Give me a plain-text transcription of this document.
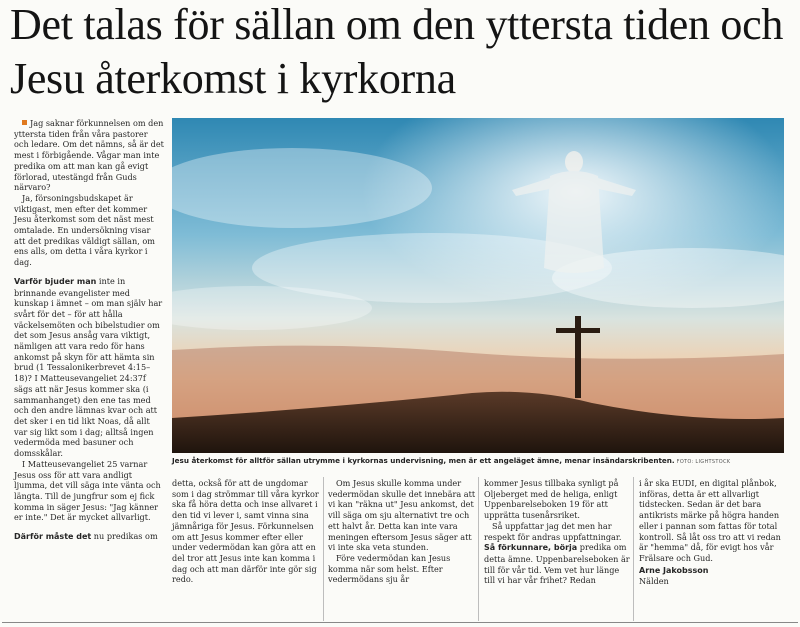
Det talas för sällan om den yttersta tiden och Jesu återkomst i kyrkorna

Jag saknar förkunnelsen om den yttersta tiden från våra pastorer och ledare. Om det nämns, så är det mest i förbigående. Vågar man inte predika om att man kan gå evigt förlorad, utestängd från Guds närvaro?

Ja, försoningsbudskapet är viktigast, men efter det kommer Jesu återkomst som det näst mest omtalade. En undersökning visar att det predikas väldigt sällan, om ens alls, om detta i våra kyrkor i dag.

Varför bjuder man inte in brinnande evangelister med kunskap i ämnet – om man själv har svårt för det – för att hålla väckelsemöten och bibelstudier om det som Jesus ansåg vara viktigt, nämligen att vara redo för hans ankomst på skyn för att hämta sin brud (1 Tessalonikerbrevet 4:15–18)? I Matteusevangeliet 24:37f sägs att när Jesus kommer ska (i sammanhanget) den ene tas med och den andre lämnas kvar och att det sker i en tid likt Noas, då allt var sig likt som i dag; alltså ingen vedermöda med basuner och domsskålar.

I Matteusevangeliet 25 varnar Jesus oss för att vara andligt ljumma, det vill säga inte vänta och längta. Till de jungfrur som ej fick komma in säger Jesus: "Jag känner er inte." Det är mycket allvarligt.

Därför måste det nu predikas om

Jesu återkomst för alltför sällan utrymme i kyrkornas undervisning, men är ett angeläget ämne, menar insändarskribenten. FOTO: LIGHTSTOCK

detta, också för att de ungdomar som i dag strömmar till våra kyrkor ska få höra detta och inse allvaret i den tid vi lever i, samt vinna sina jämnåriga för Jesus. Förkunnelsen om att Jesus kommer efter eller under vedermödan kan göra att en del tror att Jesus inte kan komma i dag och att man därför inte gör sig redo.

Om Jesus skulle komma under vedermödan skulle det innebära att vi kan "räkna ut" Jesu ankomst, det vill säga om sju alternativt tre och ett halvt år. Detta kan inte vara meningen eftersom Jesus säger att vi inte ska veta stunden.

Före vedermödan kan Jesus komma när som helst. Efter vedermödans sju år

kommer Jesus tillbaka synligt på Oljeberget med de heliga, enligt Uppenbarelseboken 19 för att upprätta tusenårsriket.

Så uppfattar jag det men har respekt för andras uppfattningar.

Så förkunnare, börja predika om detta ämne. Uppenbarelseboken är till för vår tid. Vem vet hur länge till vi har vår frihet? Redan

i år ska EUDI, en digital plånbok, införas, detta är ett allvarligt tidstecken. Sedan är det bara antikrists märke på högra handen eller i pannan som fattas för total kontroll. Så låt oss tro att vi redan är "hemma" då, för evigt hos vår Frälsare och Gud.

Arne Jakobsson
Nälden
